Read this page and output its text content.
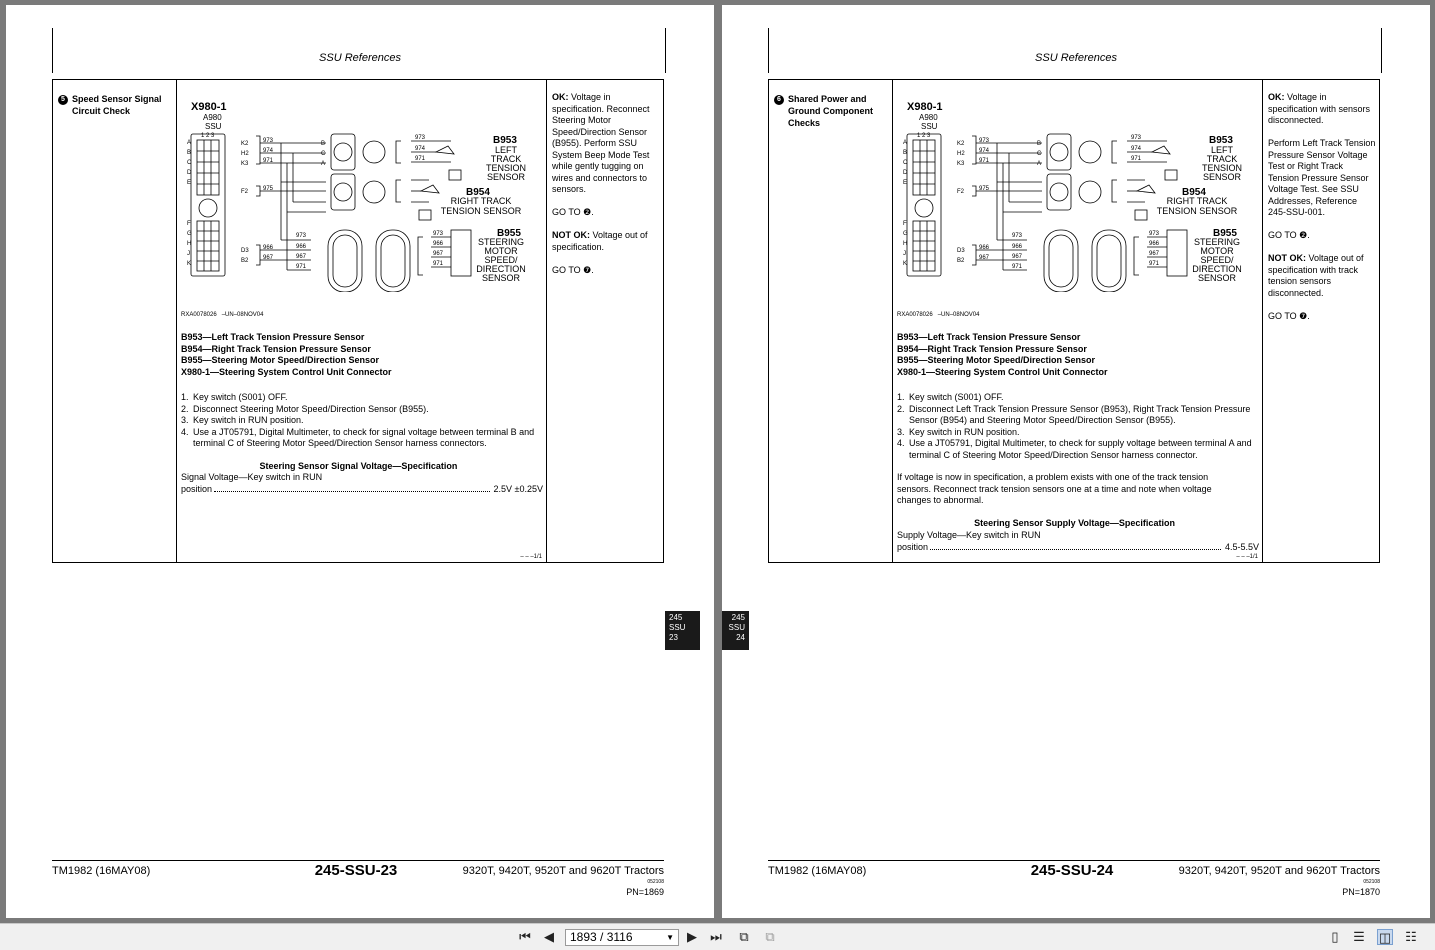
SSU References
5 Speed Sensor Signal Circuit Check
A
B
C
D
E
F
G
H
J
K
1 2 3
K2
H2
K3
F2
D3
B2
973
974
971
975
966
967
B
C
A
973
974
971
973
966
967
971
973
966
967
971
X980-1
A980
SSU
B953
B954
B955
LEFT
TRACK
TENSION
SENSOR
RIGHT TRACK
TENSION SENSOR
STEERING
MOTOR
SPEED/
DIRECTION
SENSOR
RXA0078026 –UN–08NOV04
B953—Left Track Tension Pressure Sensor
B954—Right Track Tension Pressure Sensor
B955—Steering Motor Speed/Direction Sensor
X980-1—Steering System Control Unit Connector
1. Key switch (S001) OFF.
2. Disconnect Steering Motor Speed/Direction Sensor (B955).
3. Key switch in RUN position.
4. Use a JT05791, Digital Multimeter, to check for signal voltage between terminal B and terminal C of Steering Motor Speed/Direction Sensor harness connectors.
Steering Sensor Signal Voltage—Specification
Signal Voltage—Key switch in RUN
position	2.5V ±0.25V

OK: Voltage in specification. Reconnect Steering Motor Speed/Direction Sensor (B955). Perform SSU System Beep Mode Test while gently tugging on wires and connectors to sensors.

GO TO ❷.

NOT OK: Voltage out of specification.

GO TO ❼.

– – –1/1
TM1982 (16MAY08)	245-SSU-23	9320T, 9420T, 9520T and 9620T Tractors
052108
PN=1869
245
SSU
23
SSU References
6 Shared Power and Ground Component Checks
A
B
C
D
E
F
G
H
J
K
1 2 3
K2
H2
K3
F2
D3
B2
973
974
971
975
966
967
B
C
A
973
974
971
973
966
967
971
973
966
967
971
X980-1
A980
SSU
B953
B954
B955
LEFT
TRACK
TENSION
SENSOR
RIGHT TRACK
TENSION SENSOR
STEERING
MOTOR
SPEED/
DIRECTION
SENSOR
RXA0078026 –UN–08NOV04
B953—Left Track Tension Pressure Sensor
B954—Right Track Tension Pressure Sensor
B955—Steering Motor Speed/Direction Sensor
X980-1—Steering System Control Unit Connector
1. Key switch (S001) OFF.
2. Disconnect Left Track Tension Pressure Sensor (B953), Right Track Tension Pressure Sensor (B954) and Steering Motor Speed/Direction Sensor (B955).
3. Key switch in RUN position.
4. Use a JT05791, Digital Multimeter, to check for supply voltage between terminal A and terminal C of Steering Motor Speed/Direction Sensor harness connector.
If voltage is now in specification, a problem exists with one of the track tension sensors. Reconnect track tension sensors one at a time and note when voltage changes to abnormal.
Steering Sensor Supply Voltage—Specification
Supply Voltage—Key switch in RUN
position	4.5-5.5V

OK: Voltage in specification with sensors disconnected.

Perform Left Track Tension Pressure Sensor Voltage Test or Right Track Tension Pressure Sensor Voltage Test. See SSU Addresses, Reference 245-SSU-001.

GO TO ❷.

NOT OK: Voltage out of specification with track tension sensors disconnected.

GO TO ❼.

– – –1/1
TM1982 (16MAY08)	245-SSU-24	9320T, 9420T, 9520T and 9620T Tractors
052108
PN=1870
245
SSU
24
⏮ ◀	1893 / 3116	▼ ▶ ⏭ ⧉ ⧉	▯	☰ ◫ ☷
